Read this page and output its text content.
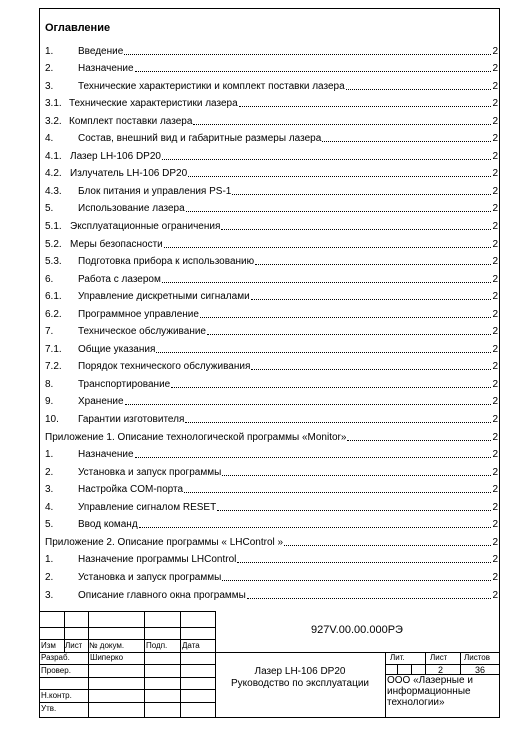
Оглавление
1.	Введение	2
2.	Назначение	2
3.	Технические характеристики и комплект поставки лазера	2
3.1. Технические характеристики лазера	2
3.2. Комплект поставки лазера	2
4.	Состав, внешний вид и габаритные размеры лазера	2
4.1. Лазер LH-106 DP20	2
4.2. Излучатель LH-106 DP20	2
4.3.	Блок питания и управления PS-1	2
5.	Использование лазера	2
5.1. Эксплуатационные ограничения	2
5.2. Меры безопасности	2
5.3.	Подготовка прибора к использованию	2
6.	Работа с лазером	2
6.1.	Управление дискретными сигналами	2
6.2.	Программное управление	2
7.	Техническое обслуживание	2
7.1.	Общие указания	2
7.2.	Порядок технического обслуживания	2
8.	Транспортирование	2
9.	Хранение	2
10.	Гарантии изготовителя	2
Приложение 1. Описание технологической программы «Monitor»	2
1.	Назначение	2
2.	Установка и запуск программы	2
3.	Настройка COM-порта	2
4.	Управление сигналом RESET	2
5.	Ввод команд	2
Приложение 2. Описание программы « LHControl »	2
1.	Назначение программы LHControl	2
2.	Установка и запуск программы	2
3.	Описание главного окна программы	2
Изм Лист № докум.	Подп. Дата
Разраб.	Шиперко
Провер.
Н.контр.
Утв.
927V.00.00.000РЭ
Лазер LH-106 DP20
Руководство по эксплуатации
Лит.	Лист Листов
2	36
ООО «Лазерные и информационные технологии»
